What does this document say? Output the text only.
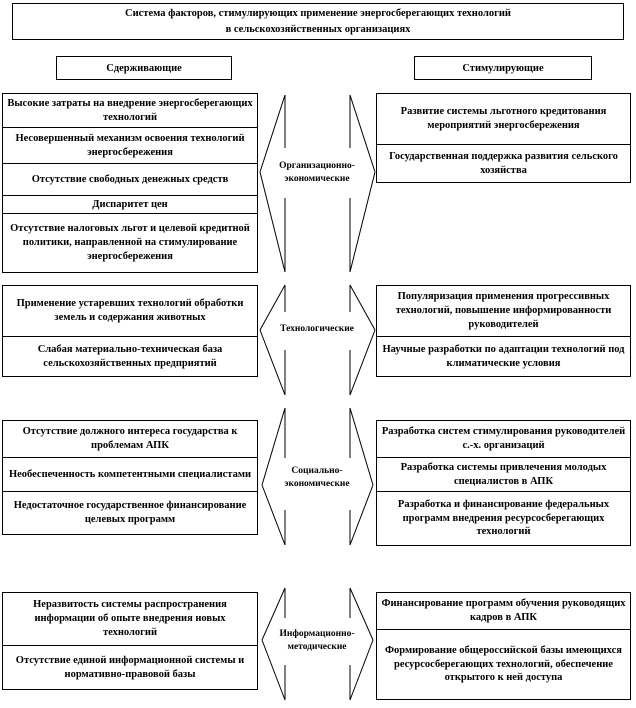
Система факторов, стимулирующих применение энергосберегающих технологий
в сельскохозяйственных организациях
Сдерживающие	Стимулирующие
Организационно-
экономические
Технологические
Социально-
экономические
Информационно-
методические
Высокие затраты на внедрение энергосберегающих технологий
Несовершенный механизм освоения технологий энергосбережения
Отсутствие свободных денежных средств
Диспаритет цен
Отсутствие налоговых льгот и целевой кредитной политики, направленной на стимулирование энергосбережения
Развитие системы льготного кредитования мероприятий энергосбережения
Государственная поддержка развития сельского хозяйства
Применение устаревших технологий обработки земель и содержания животных
Слабая материально-техническая база сельскохозяйственных предприятий
Популяризация применения прогрессивных технологий, повышение информированности руководителей
Научные разработки по адаптации технологий под климатические условия
Отсутствие должного интереса государства к проблемам АПК
Необеспеченность компетентными специалистами
Недостаточное государственное финансирование целевых программ
Разработка систем стимулирования руководителей с.-х. организаций
Разработка системы привлечения молодых специалистов в АПК
Разработка и финансирование федеральных программ внедрения ресурсосберегающих технологий
Неразвитость системы распространения информации об опыте внедрения новых технологий
Отсутствие единой информационной системы и нормативно-правовой базы
Финансирование программ обучения руководящих кадров в АПК
Формирование общероссийской базы имеющихся ресурсосберегающих технологий, обеспечение открытого к ней доступа
